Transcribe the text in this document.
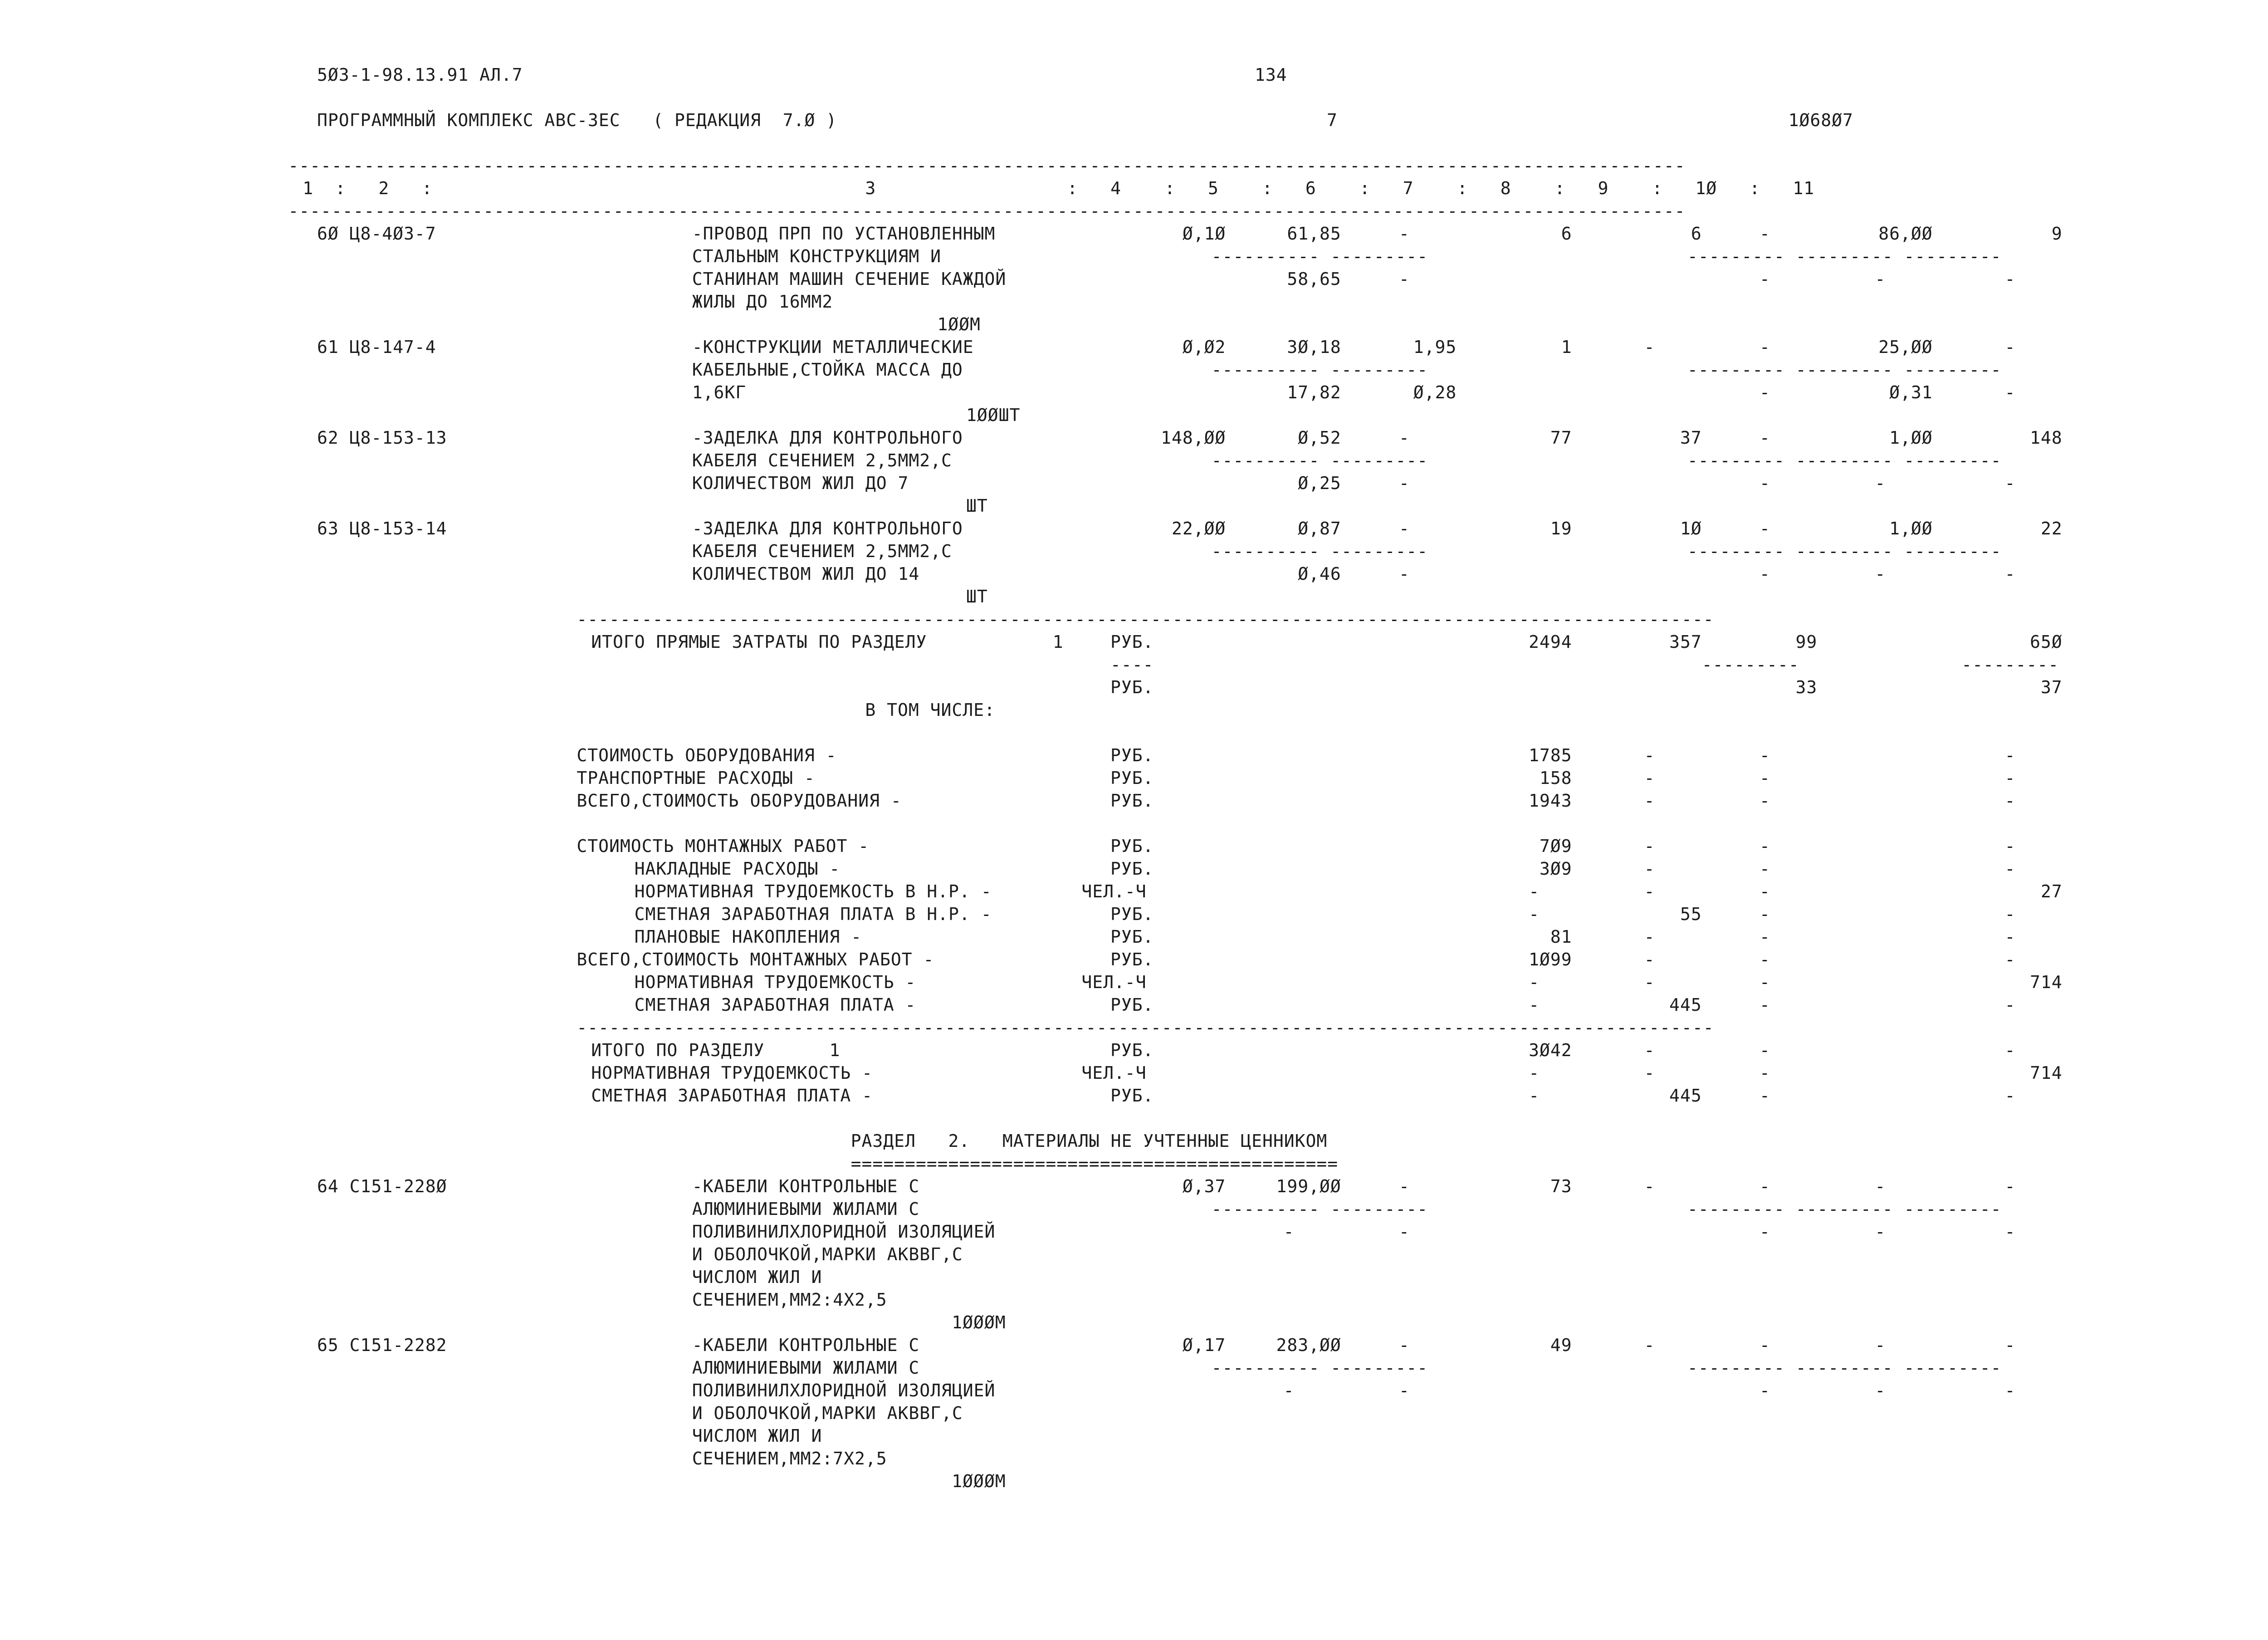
5Ø3-1-98.13.91 АЛ.7	134
ПРОГРАММНЫЙ КОМПЛЕКС АВС-3ЕС   ( РЕДАКЦИЯ  7.Ø )	7	1Ø68Ø7
---------------------------------------------------------------------------------------------------------------------------------
1  :   2   :	3	:   4    :   5    :   6    :   7    :   8    :   9    :   1Ø   :   11
---------------------------------------------------------------------------------------------------------------------------------
6Ø Ц8-4Ø3-7	-ПРОВОД ПРП ПО УСТАНОВЛЕННЫМ	Ø,1Ø	61,85	-	6	6	-	86,ØØ	9
СТАЛЬНЫМ КОНСТРУКЦИЯМ И	---------- ---------	--------- --------- ---------
СТАНИНАМ МАШИН СЕЧЕНИЕ КАЖДОЙ	58,65	-	-	-	-
ЖИЛЫ ДО 16ММ2
1ØØМ
61 Ц8-147-4	-КОНСТРУКЦИИ МЕТАЛЛИЧЕСКИЕ	Ø,Ø2	3Ø,18	1,95	1	-	-	25,ØØ	-
КАБЕЛЬНЫЕ,СТОЙКА МАССА ДО	---------- ---------	--------- --------- ---------
1,6КГ	17,82	Ø,28	-	Ø,31	-
1ØØШТ
62 Ц8-153-13	-ЗАДЕЛКА ДЛЯ КОНТРОЛЬНОГО	148,ØØ	Ø,52	-	77	37	-	1,ØØ	148
КАБЕЛЯ СЕЧЕНИЕМ 2,5ММ2,С	---------- ---------	--------- --------- ---------
КОЛИЧЕСТВОМ ЖИЛ ДО 7	Ø,25	-	-	-	-
ШТ
63 Ц8-153-14	-ЗАДЕЛКА ДЛЯ КОНТРОЛЬНОГО	22,ØØ	Ø,87	-	19	1Ø	-	1,ØØ	22
КАБЕЛЯ СЕЧЕНИЕМ 2,5ММ2,С	---------- ---------	--------- --------- ---------
КОЛИЧЕСТВОМ ЖИЛ ДО 14	Ø,46	-	-	-	-
ШТ
---------------------------------------------------------------------------------------------------------
ИТОГО ПРЯМЫЕ ЗАТРАТЫ ПО РАЗДЕЛУ	1	РУБ.	2494	357	99	65Ø
----	---------	---------
РУБ.	33	37
В ТОМ ЧИСЛЕ:
СТОИМОСТЬ ОБОРУДОВАНИЯ -	РУБ.	1785	-	-	-
ТРАНСПОРТНЫЕ РАСХОДЫ -	РУБ.	158	-	-	-
ВСЕГО,СТОИМОСТЬ ОБОРУДОВАНИЯ -	РУБ.	1943	-	-	-
СТОИМОСТЬ МОНТАЖНЫХ РАБОТ -	РУБ.	7Ø9	-	-	-
НАКЛАДНЫЕ РАСХОДЫ -	РУБ.	3Ø9	-	-	-
НОРМАТИВНАЯ ТРУДОЕМКОСТЬ В Н.Р. -	ЧЕЛ.-Ч	-	-	-	27
СМЕТНАЯ ЗАРАБОТНАЯ ПЛАТА В Н.Р. -	РУБ.	-	55	-	-
ПЛАНОВЫЕ НАКОПЛЕНИЯ -	РУБ.	81	-	-	-
ВСЕГО,СТОИМОСТЬ МОНТАЖНЫХ РАБОТ -	РУБ.	1Ø99	-	-	-
НОРМАТИВНАЯ ТРУДОЕМКОСТЬ -	ЧЕЛ.-Ч	-	-	-	714
СМЕТНАЯ ЗАРАБОТНАЯ ПЛАТА -	РУБ.	-	445	-	-
---------------------------------------------------------------------------------------------------------
ИТОГО ПО РАЗДЕЛУ      1	РУБ.	3Ø42	-	-	-
НОРМАТИВНАЯ ТРУДОЕМКОСТЬ -	ЧЕЛ.-Ч	-	-	-	714
СМЕТНАЯ ЗАРАБОТНАЯ ПЛАТА -	РУБ.	-	445	-	-
РАЗДЕЛ   2.   МАТЕРИАЛЫ НЕ УЧТЕННЫЕ ЦЕННИКОМ
=============================================
64 С151-228Ø	-КАБЕЛИ КОНТРОЛЬНЫЕ С	Ø,37	199,ØØ	-	73	-	-	-	-
АЛЮМИНИЕВЫМИ ЖИЛАМИ С	---------- ---------	--------- --------- ---------
ПОЛИВИНИЛХЛОРИДНОЙ ИЗОЛЯЦИЕЙ	-	-	-	-	-
И ОБОЛОЧКОЙ,МАРКИ АКВВГ,С
ЧИСЛОМ ЖИЛ И
СЕЧЕНИЕМ,ММ2:4Х2,5
1ØØØМ
65 С151-2282	-КАБЕЛИ КОНТРОЛЬНЫЕ С	Ø,17	283,ØØ	-	49	-	-	-	-
АЛЮМИНИЕВЫМИ ЖИЛАМИ С	---------- ---------	--------- --------- ---------
ПОЛИВИНИЛХЛОРИДНОЙ ИЗОЛЯЦИЕЙ	-	-	-	-	-
И ОБОЛОЧКОЙ,МАРКИ АКВВГ,С
ЧИСЛОМ ЖИЛ И
СЕЧЕНИЕМ,ММ2:7Х2,5
1ØØØМ
